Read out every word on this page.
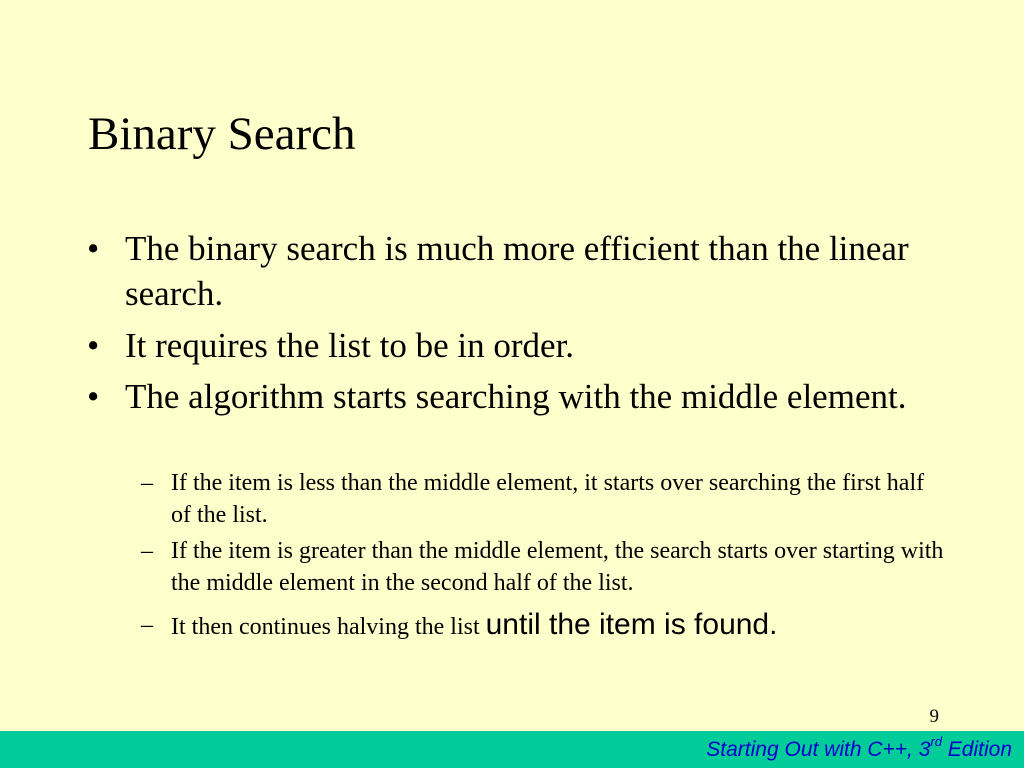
Binary Search

• The binary search is much more efficient than the linear search.

• It requires the list to be in order.

• The algorithm starts searching with the middle element.

– If the item is less than the middle element, it starts over searching the first half of the list.

– If the item is greater than the middle element, the search starts over starting with the middle element in the second half of the list.

– It then continues halving the list until the item is found.

9
Starting Out with C++, 3rd Edition
